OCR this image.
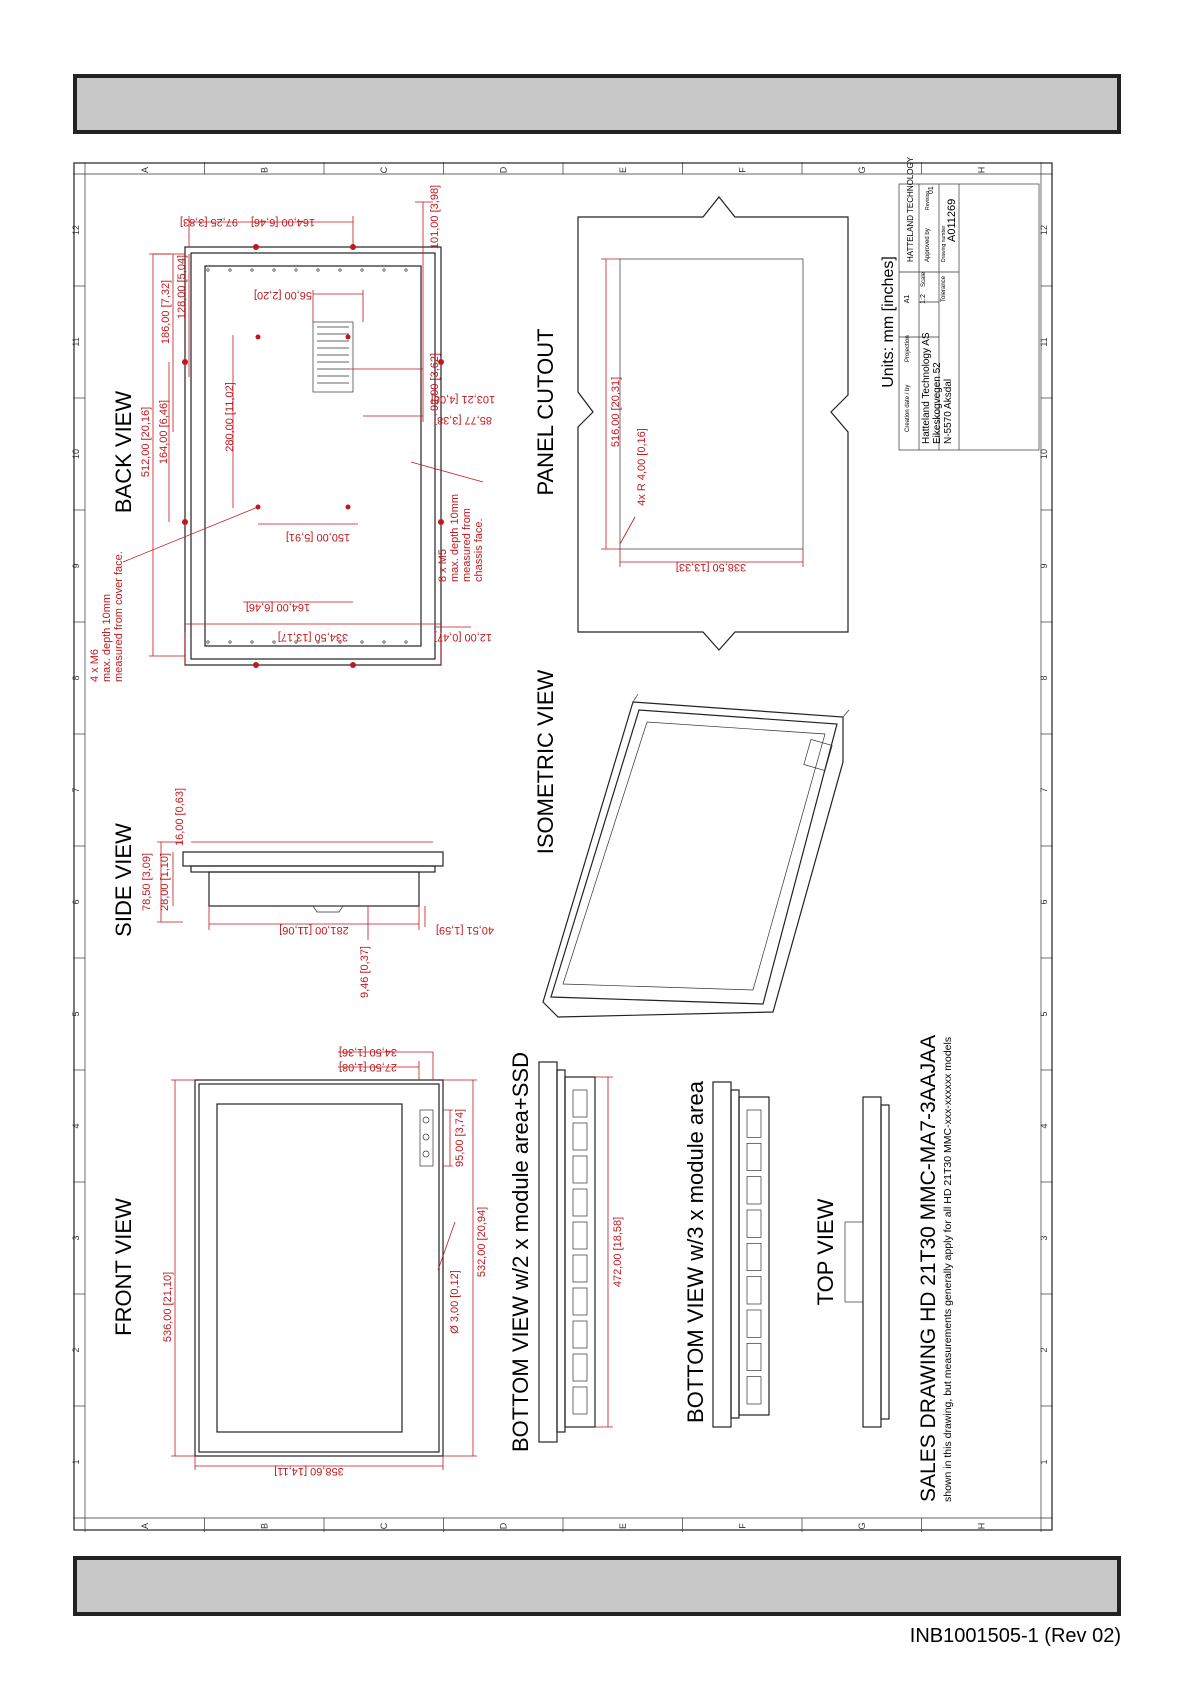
INB1001505-1 (Rev 02)
1	1
2	2
3	3
4	4
5	5
6	6
7	7
8	8
9	9
10	10
11	11
12	12
A
A
B
B
C
C
D
D
E
E
F
F
G
G
H
H
536,00 [21,10]
532,00 [20,94]
358,60 [14,11]
Ø 3,00 [0,12]
95,00 [3,74]
27,50 [1,08]
34,50 [1,36]
FRONT VIEW
78,50 [3,09] 28,00 [1,10]
281,00 [11,06]	40,51 [1,59]
16,00 [0,63]
9,46 [0,37]
SIDE VIEW
512,00 [20,16] 164,00 [6,46]
186,00 [7,32] 128,00 [5,04]
97,25 [3,83] 164,00 [6,46]	101,00 [3,98]
56,00 [2,20]
280,00 [11,02]
92,00 [3,62]
103,21 [4,06]
85,77 [3,38]
150,00 [5,91]
164,00 [6,46]
334,50 [13,17]	12,00 [0,47]
BACK VIEW
4 x M6 max. depth 10mm measured from cover face.	8 x M5 max. depth 10mm measured from chassis face.
516,00 [20,31]
4x R 4,00 [0,16]
338,50 [13,33]
PANEL CUTOUT
ISOMETRIC VIEW
472,00 [18,58]
BOTTOM VIEW w/2 x module area+SSD	BOTTOM VIEW w/3 x module area	TOP VIEW	SALES DRAWING HD 21T30 MMC-MA7-3AAJAA shown in this drawing, but measurements generally apply for all HD 21T30 MMC-xxx-xxxxxx models
Units: mm [inches]
HATTELAND TECHNOLOGY
Scale
1:2
A1
Projection
Creation date / by
Tolerance
Approved by
Revision
01
Drawing number
A011269
Hatteland Technology AS Eikeskogvegen 52 N-5570 Aksdal
